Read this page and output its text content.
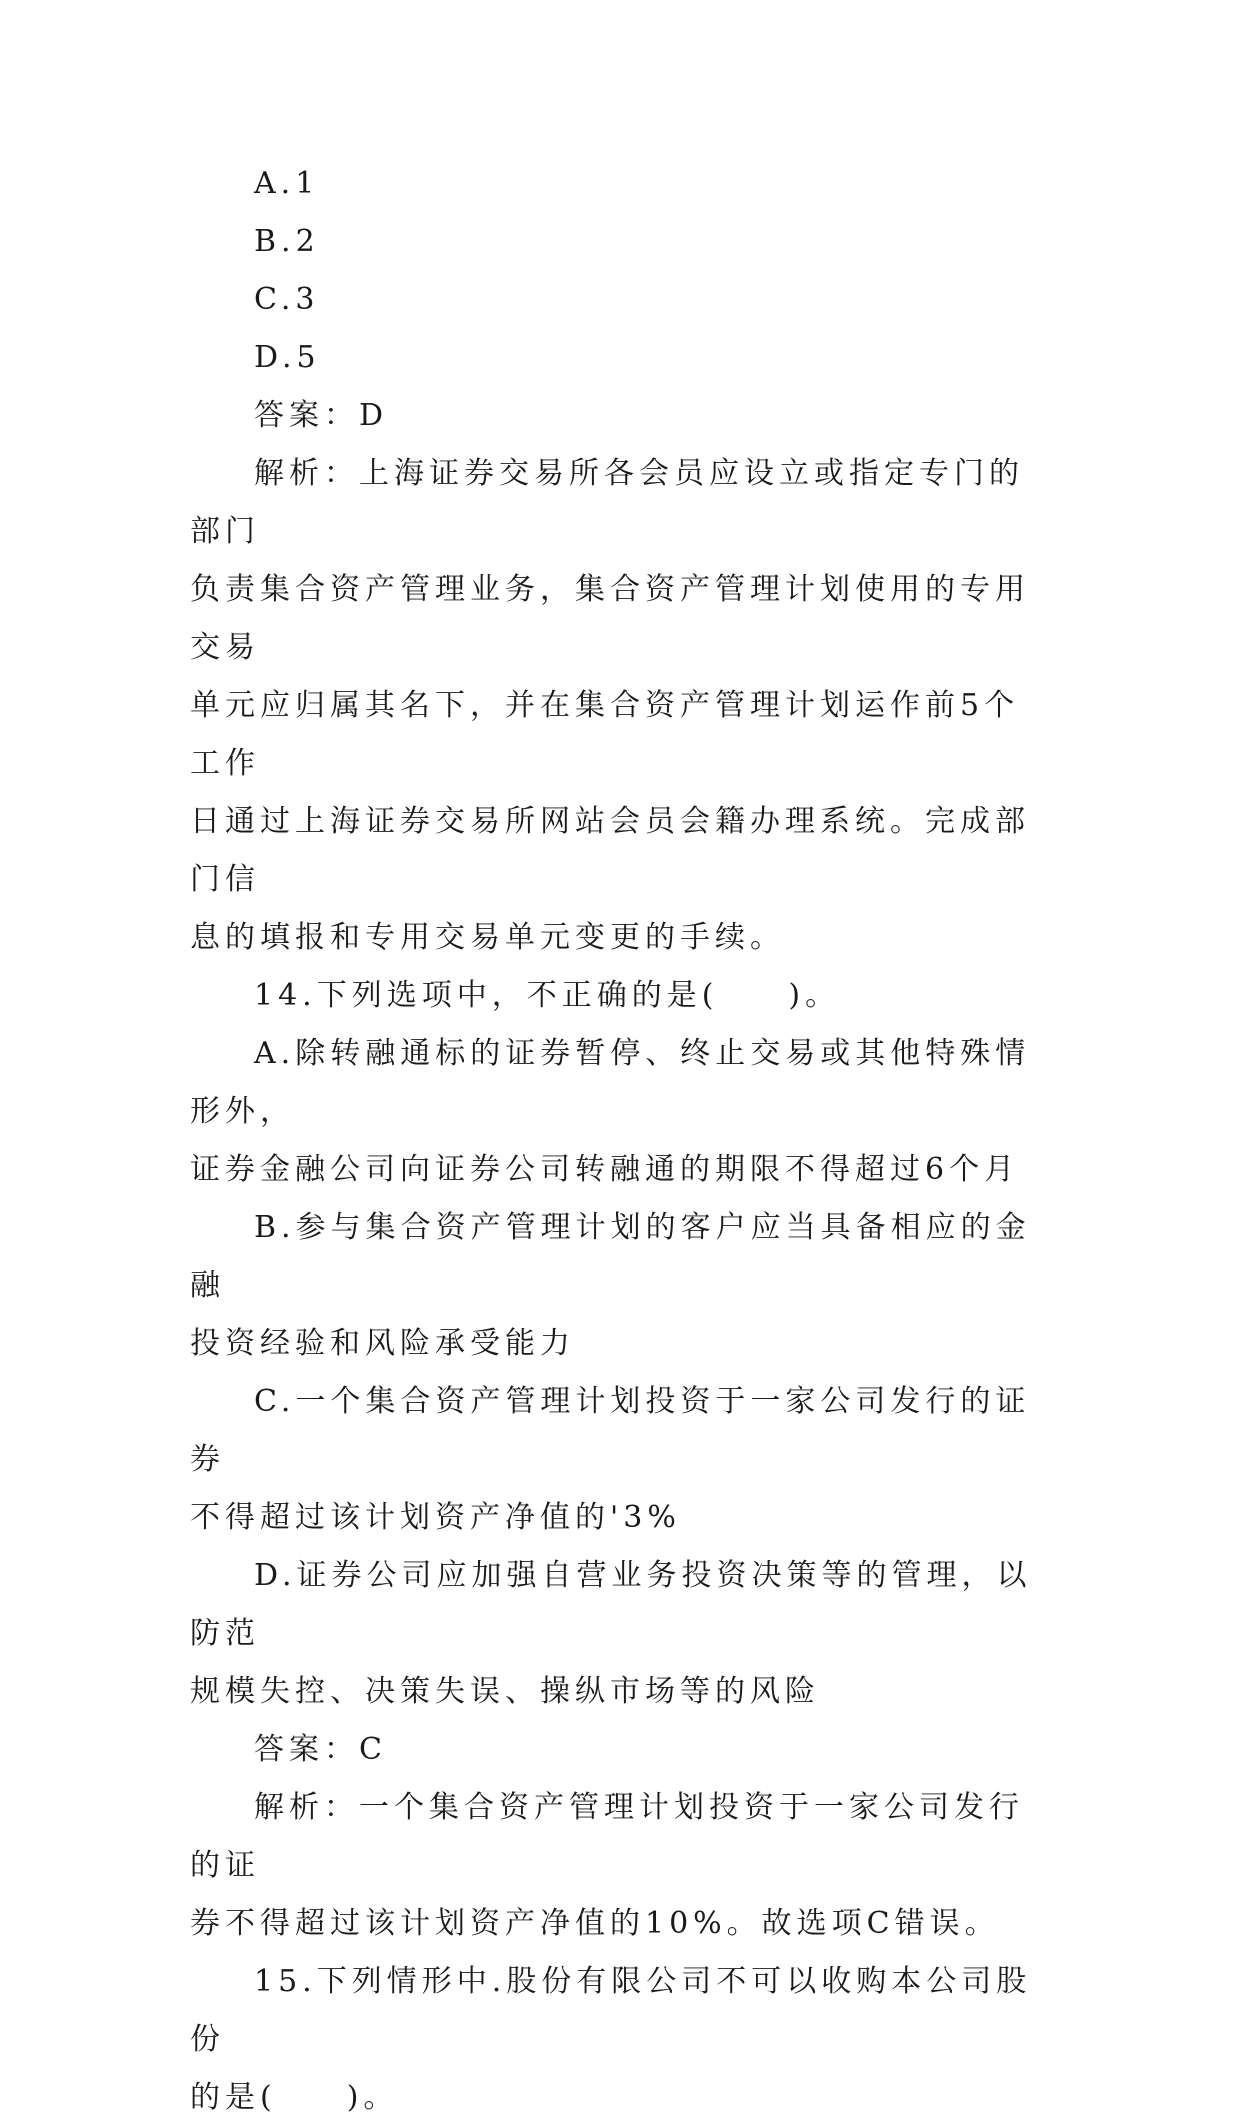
A.1

B.2

C.3

D.5

答案：D

解析：上海证券交易所各会员应设立或指定专门的部门
负责集合资产管理业务，集合资产管理计划使用的专用交易
单元应归属其名下，并在集合资产管理计划运作前5个工作
日通过上海证券交易所网站会员会籍办理系统。完成部门信
息的填报和专用交易单元变更的手续。

14.下列选项中，不正确的是(　　)。

A.除转融通标的证券暂停、终止交易或其他特殊情形外，
证券金融公司向证券公司转融通的期限不得超过6个月

B.参与集合资产管理计划的客户应当具备相应的金融
投资经验和风险承受能力

C.一个集合资产管理计划投资于一家公司发行的证券
不得超过该计划资产净值的'3%

D.证券公司应加强自营业务投资决策等的管理，以防范
规模失控、决策失误、操纵市场等的风险

答案：C

解析：一个集合资产管理计划投资于一家公司发行的证
券不得超过该计划资产净值的10%。故选项C错误。

15.下列情形中.股份有限公司不可以收购本公司股份
的是(　　)。
